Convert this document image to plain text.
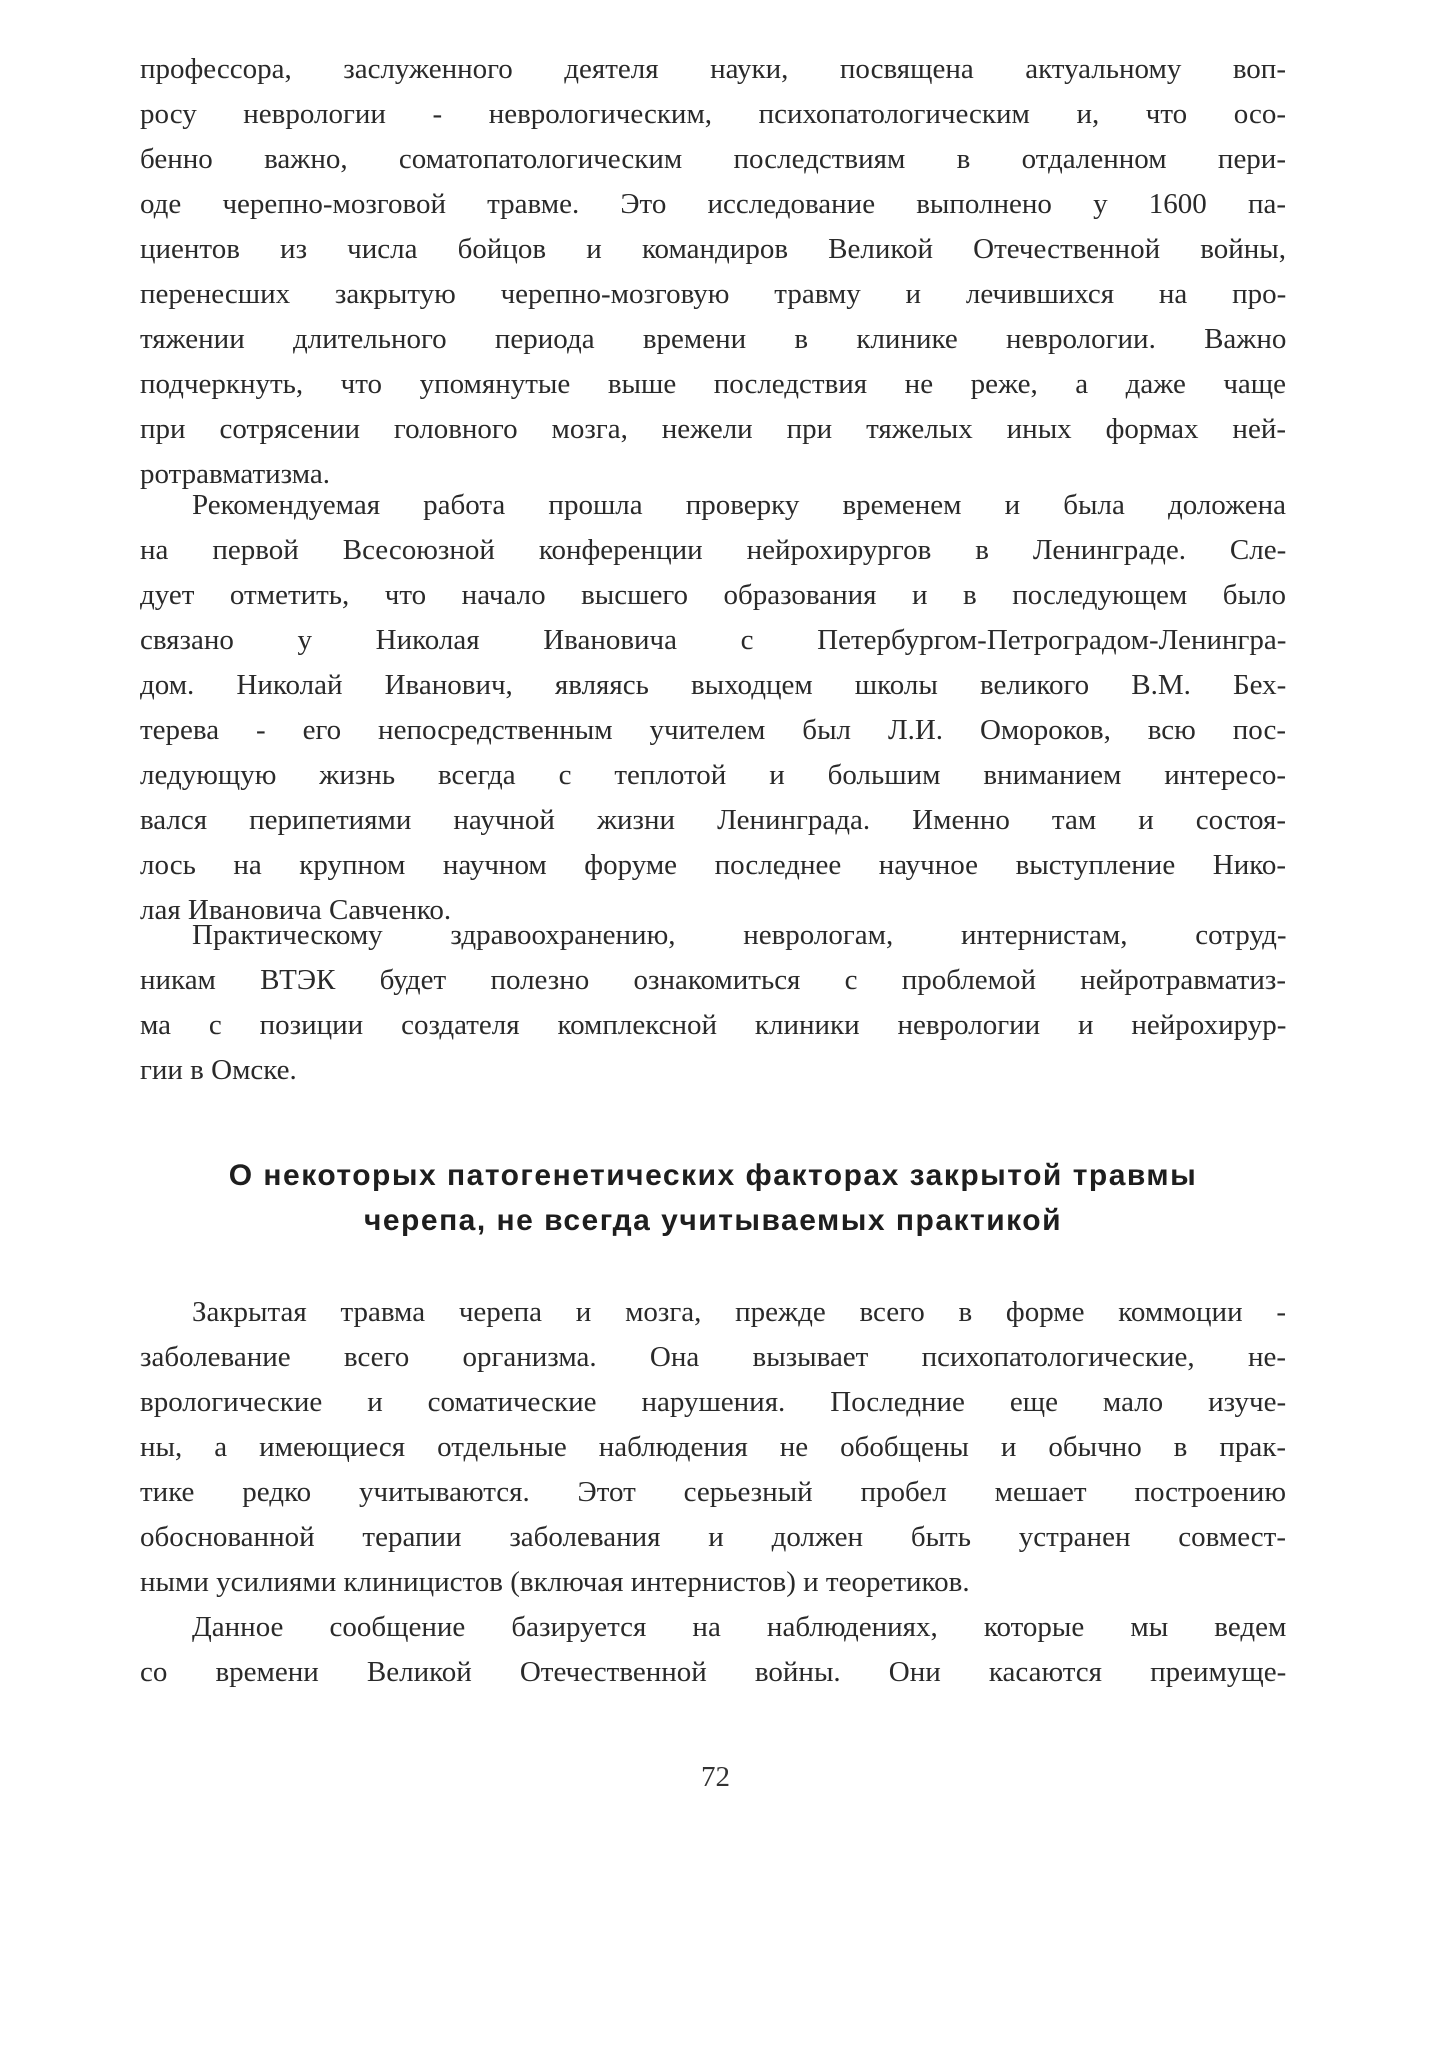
профессора, заслуженного деятеля науки, посвящена актуальному воп-
росу неврологии - неврологическим, психопатологическим и, что осо-
бенно важно, соматопатологическим последствиям в отдаленном пери-
оде черепно-мозговой травме. Это исследование выполнено у 1600 па-
циентов из числа бойцов и командиров Великой Отечественной войны,
перенесших закрытую черепно-мозговую травму и лечившихся на про-
тяжении длительного периода времени в клинике неврологии. Важно
подчеркнуть, что упомянутые выше последствия не реже, а даже чаще
при сотрясении головного мозга, нежели при тяжелых иных формах ней-
ротравматизма.

Рекомендуемая работа прошла проверку временем и была доложена
на первой Всесоюзной конференции нейрохирургов в Ленинграде. Сле-
дует отметить, что начало высшего образования и в последующем было
связано у Николая Ивановича с Петербургом-Петроградом-Ленингра-
дом. Николай Иванович, являясь выходцем школы великого В.М. Бех-
терева - его непосредственным учителем был Л.И. Омороков, всю пос-
ледующую жизнь всегда с теплотой и большим вниманием интересо-
вался перипетиями научной жизни Ленинграда. Именно там и состоя-
лось на крупном научном форуме последнее научное выступление Нико-
лая Ивановича Савченко.

Практическому здравоохранению, неврологам, интернистам, сотруд-
никам ВТЭК будет полезно ознакомиться с проблемой нейротравматиз-
ма с позиции создателя комплексной клиники неврологии и нейрохирур-
гии в Омске.

О некоторых патогенетических факторах закрытой травмы
черепа, не всегда учитываемых практикой

Закрытая травма черепа и мозга, прежде всего в форме коммоции -
заболевание всего организма. Она вызывает психопатологические, не-
врологические и соматические нарушения. Последние еще мало изуче-
ны, а имеющиеся отдельные наблюдения не обобщены и обычно в прак-
тике редко учитываются. Этот серьезный пробел мешает построению
обоснованной терапии заболевания и должен быть устранен совмест-
ными усилиями клиницистов (включая интернистов) и теоретиков.

Данное сообщение базируется на наблюдениях, которые мы ведем
со времени Великой Отечественной войны. Они касаются преимуще-

72
